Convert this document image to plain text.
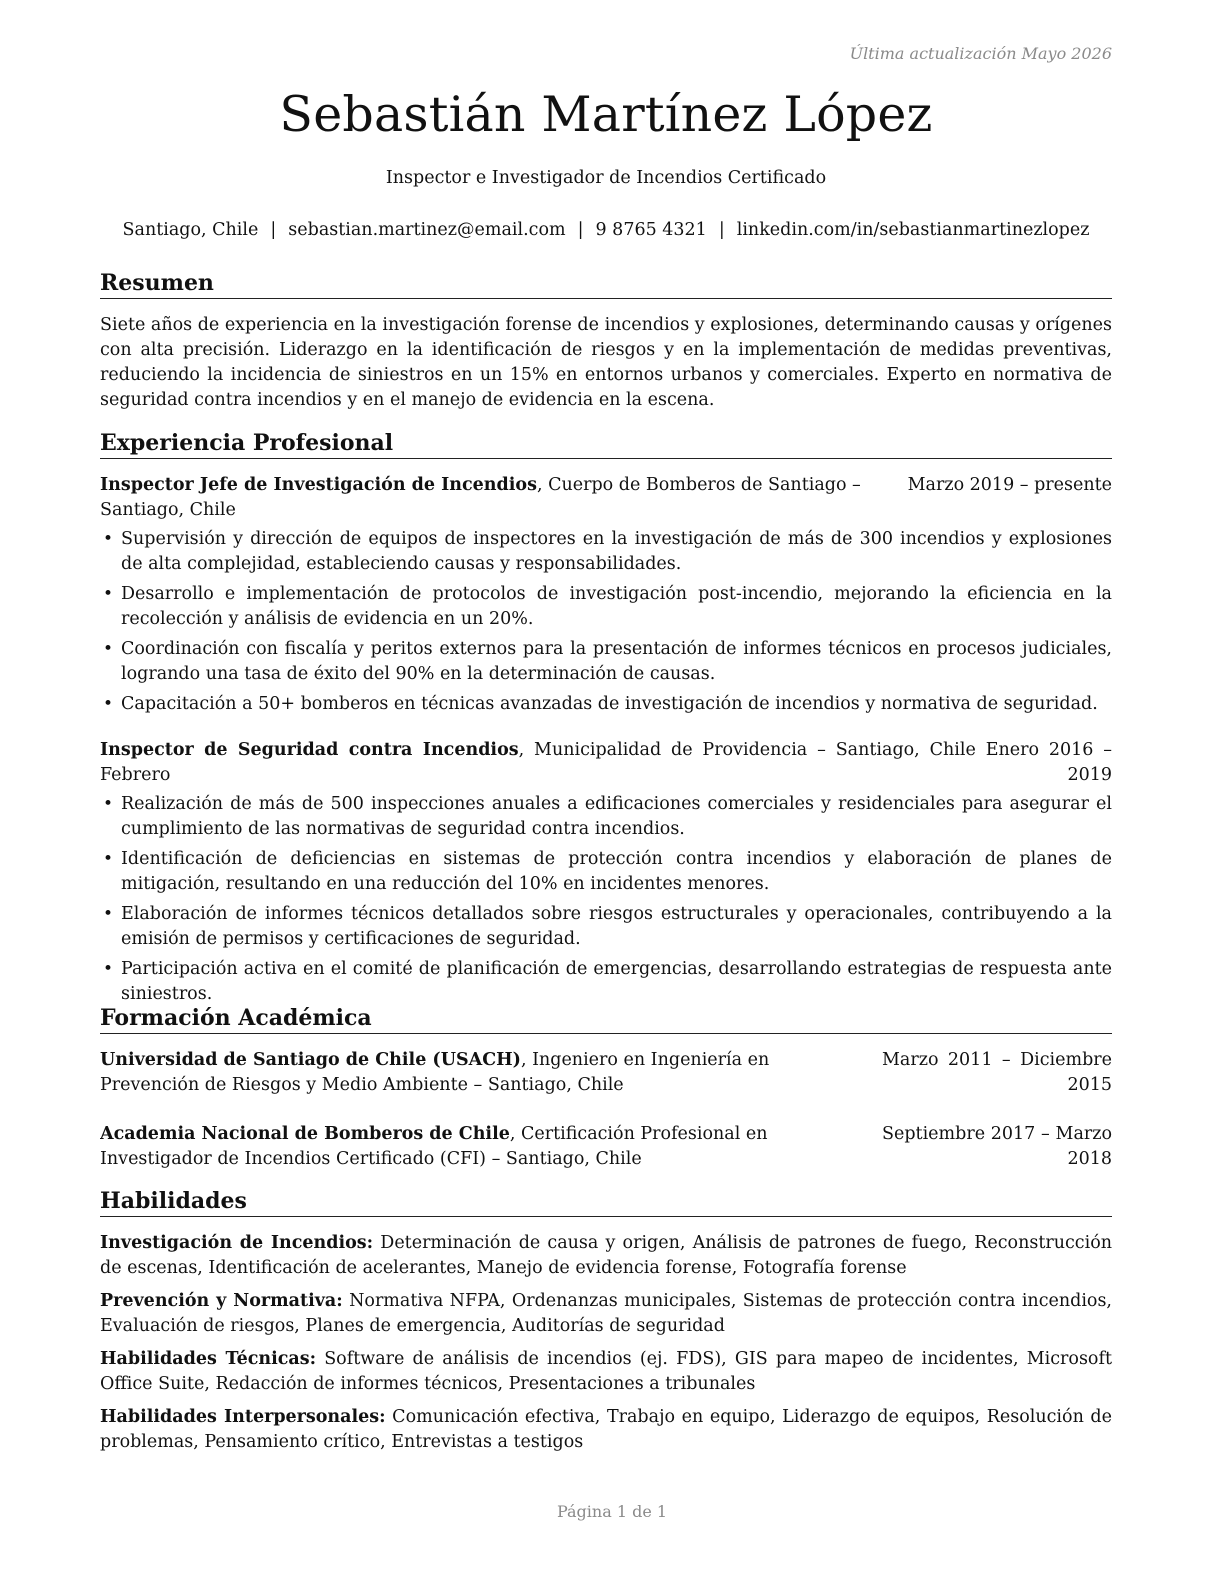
Última actualización Mayo 2026
Sebastián Martínez López
Inspector e Investigador de Incendios Certificado
Santiago, Chile | sebastian.martinez@email.com | 9 8765 4321 | linkedin.com/in/sebastianmartinezlopez
Resumen

Siete años de experiencia en la investigación forense de incendios y explosiones, determinando causas y orígenes con alta precisión. Liderazgo en la identificación de riesgos y en la implementación de medidas preventivas, reduciendo la incidencia de siniestros en un 15% en entornos urbanos y comerciales. Experto en normativa de seguridad contra incendios y en el manejo de evidencia en la escena.

Experiencia Profesional
Marzo 2019 – presente
Inspector Jefe de Investigación de Incendios, Cuerpo de Bomberos de Santiago – Santiago, Chile
• Supervisión y dirección de equipos de inspectores en la investigación de más de 300 incendios y explosiones de alta complejidad, estableciendo causas y responsabilidades.
• Desarrollo e implementación de protocolos de investigación post-incendio, mejorando la eficiencia en la recolección y análisis de evidencia en un 20%.
• Coordinación con fiscalía y peritos externos para la presentación de informes técnicos en procesos judiciales, logrando una tasa de éxito del 90% en la determinación de causas.
• Capacitación a 50+ bomberos en técnicas avanzadas de investigación de incendios y normativa de seguridad.
Inspector de Seguridad contra Incendios, Municipalidad de Providencia – Santiago, Chile Enero 2016 – Febrero 2019
• Realización de más de 500 inspecciones anuales a edificaciones comerciales y residenciales para asegurar el cumplimiento de las normativas de seguridad contra incendios.
• Identificación de deficiencias en sistemas de protección contra incendios y elaboración de planes de mitigación, resultando en una reducción del 10% en incidentes menores.
• Elaboración de informes técnicos detallados sobre riesgos estructurales y operacionales, contribuyendo a la emisión de permisos y certificaciones de seguridad.
• Participación activa en el comité de planificación de emergencias, desarrollando estrategias de respuesta ante siniestros.
Formación Académica
Universidad de Santiago de Chile (USACH), Ingeniero en Ingeniería en Prevención de Riesgos y Medio Ambiente – Santiago, Chile
Marzo 2011 – Diciembre 2015
Academia Nacional de Bomberos de Chile, Certificación Profesional en Investigador de Incendios Certificado (CFI) – Santiago, Chile
Septiembre 2017 – Marzo 2018
Habilidades

Investigación de Incendios: Determinación de causa y origen, Análisis de patrones de fuego, Reconstrucción de escenas, Identificación de acelerantes, Manejo de evidencia forense, Fotografía forense

Prevención y Normativa: Normativa NFPA, Ordenanzas municipales, Sistemas de protección contra incendios, Evaluación de riesgos, Planes de emergencia, Auditorías de seguridad

Habilidades Técnicas: Software de análisis de incendios (ej. FDS), GIS para mapeo de incidentes, Microsoft Office Suite, Redacción de informes técnicos, Presentaciones a tribunales

Habilidades Interpersonales: Comunicación efectiva, Trabajo en equipo, Liderazgo de equipos, Resolución de problemas, Pensamiento crítico, Entrevistas a testigos

Página 1 de 1
